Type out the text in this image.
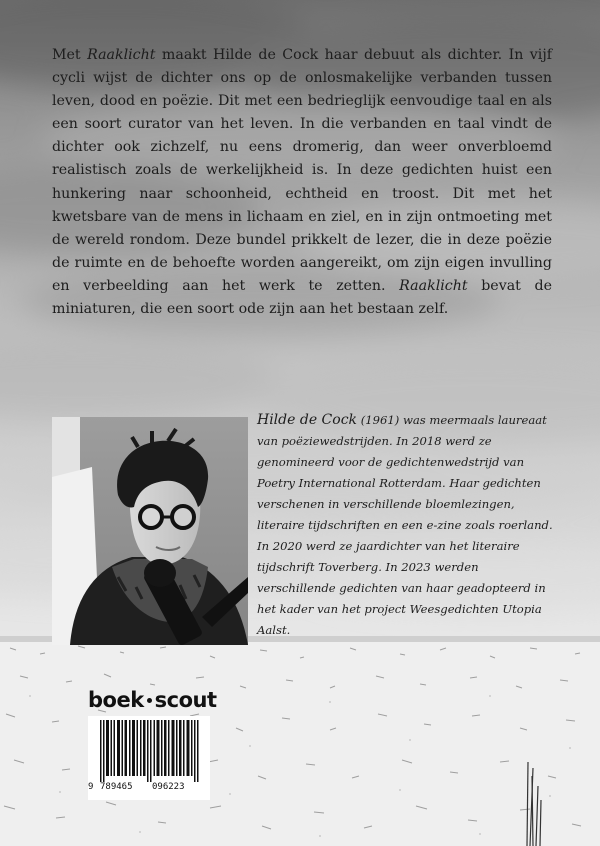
Met Raaklicht maakt Hilde de Cock haar debuut als dichter. In vijf cycli wijst de dichter ons op de onlosmakelijke verbanden tussen leven, dood en poëzie. Dit met een bedrieglijk eenvoudige taal en als een soort curator van het leven. In die verbanden en taal vindt de dichter ook zichzelf, nu eens dromerig, dan weer onverbloemd realistisch zoals de werkelijkheid is. In deze gedichten huist een hunkering naar schoonheid, echtheid en troost. Dit met het kwetsbare van de mens in lichaam en ziel, en in zijn ontmoeting met de wereld rondom. Deze bundel prikkelt de lezer, die in deze poëzie de ruimte en de behoefte worden aangereikt, om zijn eigen invulling en verbeelding aan het werk te zetten. Raaklicht bevat de miniaturen, die een soort ode zijn aan het bestaan zelf.

Hilde de Cock (1961) was meermaals laureaat van poëziewedstrijden. In 2018 werd ze genomineerd voor de gedichtenwedstrijd van Poetry International Rotterdam. Haar gedichten verschenen in verschillende bloemlezingen, literaire tijdschriften en een e-zine zoals roerland. In 2020 werd ze jaardichter van het literaire tijdschrift Toverberg. In 2023 werden verschillende gedichten van haar geadopteerd in het kader van het project Weesgedichten Utopia Aalst.

boek scout
9 789465 096223
